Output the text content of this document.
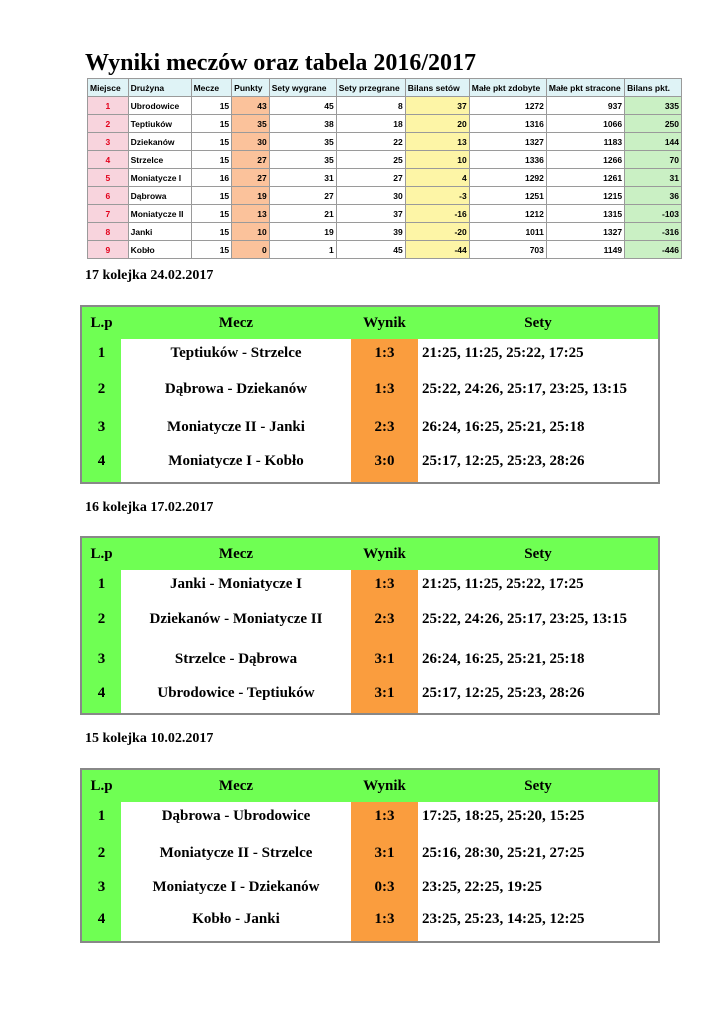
Wyniki meczów oraz tabela 2016/2017
Miejsce	Drużyna	Mecze	Punkty	Sety wygrane	Sety przegrane	Bilans setów	Małe pkt zdobyte	Małe pkt stracone	Bilans pkt.
1	Ubrodowice	15	43	45	8	37	1272	937	335
2	Teptiuków	15	35	38	18	20	1316	1066	250
3	Dziekanów	15	30	35	22	13	1327	1183	144
4	Strzelce	15	27	35	25	10	1336	1266	70
5	Moniatycze I	16	27	31	27	4	1292	1261	31
6	Dąbrowa	15	19	27	30	-3	1251	1215	36
7	Moniatycze II	15	13	21	37	-16	1212	1315	-103
8	Janki	15	10	19	39	-20	1011	1327	-316
9	Kobło	15	0	1	45	-44	703	1149	-446
17 kolejka 24.02.2017
L.p	Mecz	Wynik	Sety

1	Teptiuków - Strzelce	1:3	21:25, 11:25, 25:22, 17:25

2	Dąbrowa - Dziekanów	1:3	25:22, 24:26, 25:17, 23:25, 13:15

3	Moniatycze II - Janki	2:3	26:24, 16:25, 25:21, 25:18

4	Moniatycze I - Kobło	3:0	25:17, 12:25, 25:23, 28:26
16 kolejka 17.02.2017
L.p	Mecz	Wynik	Sety

1	Janki - Moniatycze I	1:3	21:25, 11:25, 25:22, 17:25

2	Dziekanów - Moniatycze II	2:3	25:22, 24:26, 25:17, 23:25, 13:15

3	Strzelce - Dąbrowa	3:1	26:24, 16:25, 25:21, 25:18

4	Ubrodowice - Teptiuków	3:1	25:17, 12:25, 25:23, 28:26
15 kolejka 10.02.2017
L.p	Mecz	Wynik	Sety

1	Dąbrowa - Ubrodowice	1:3	17:25, 18:25, 25:20, 15:25

2	Moniatycze II - Strzelce	3:1	25:16, 28:30, 25:21, 27:25

3	Moniatycze I - Dziekanów	0:3	23:25, 22:25, 19:25

4	Kobło - Janki	1:3	23:25, 25:23, 14:25, 12:25
